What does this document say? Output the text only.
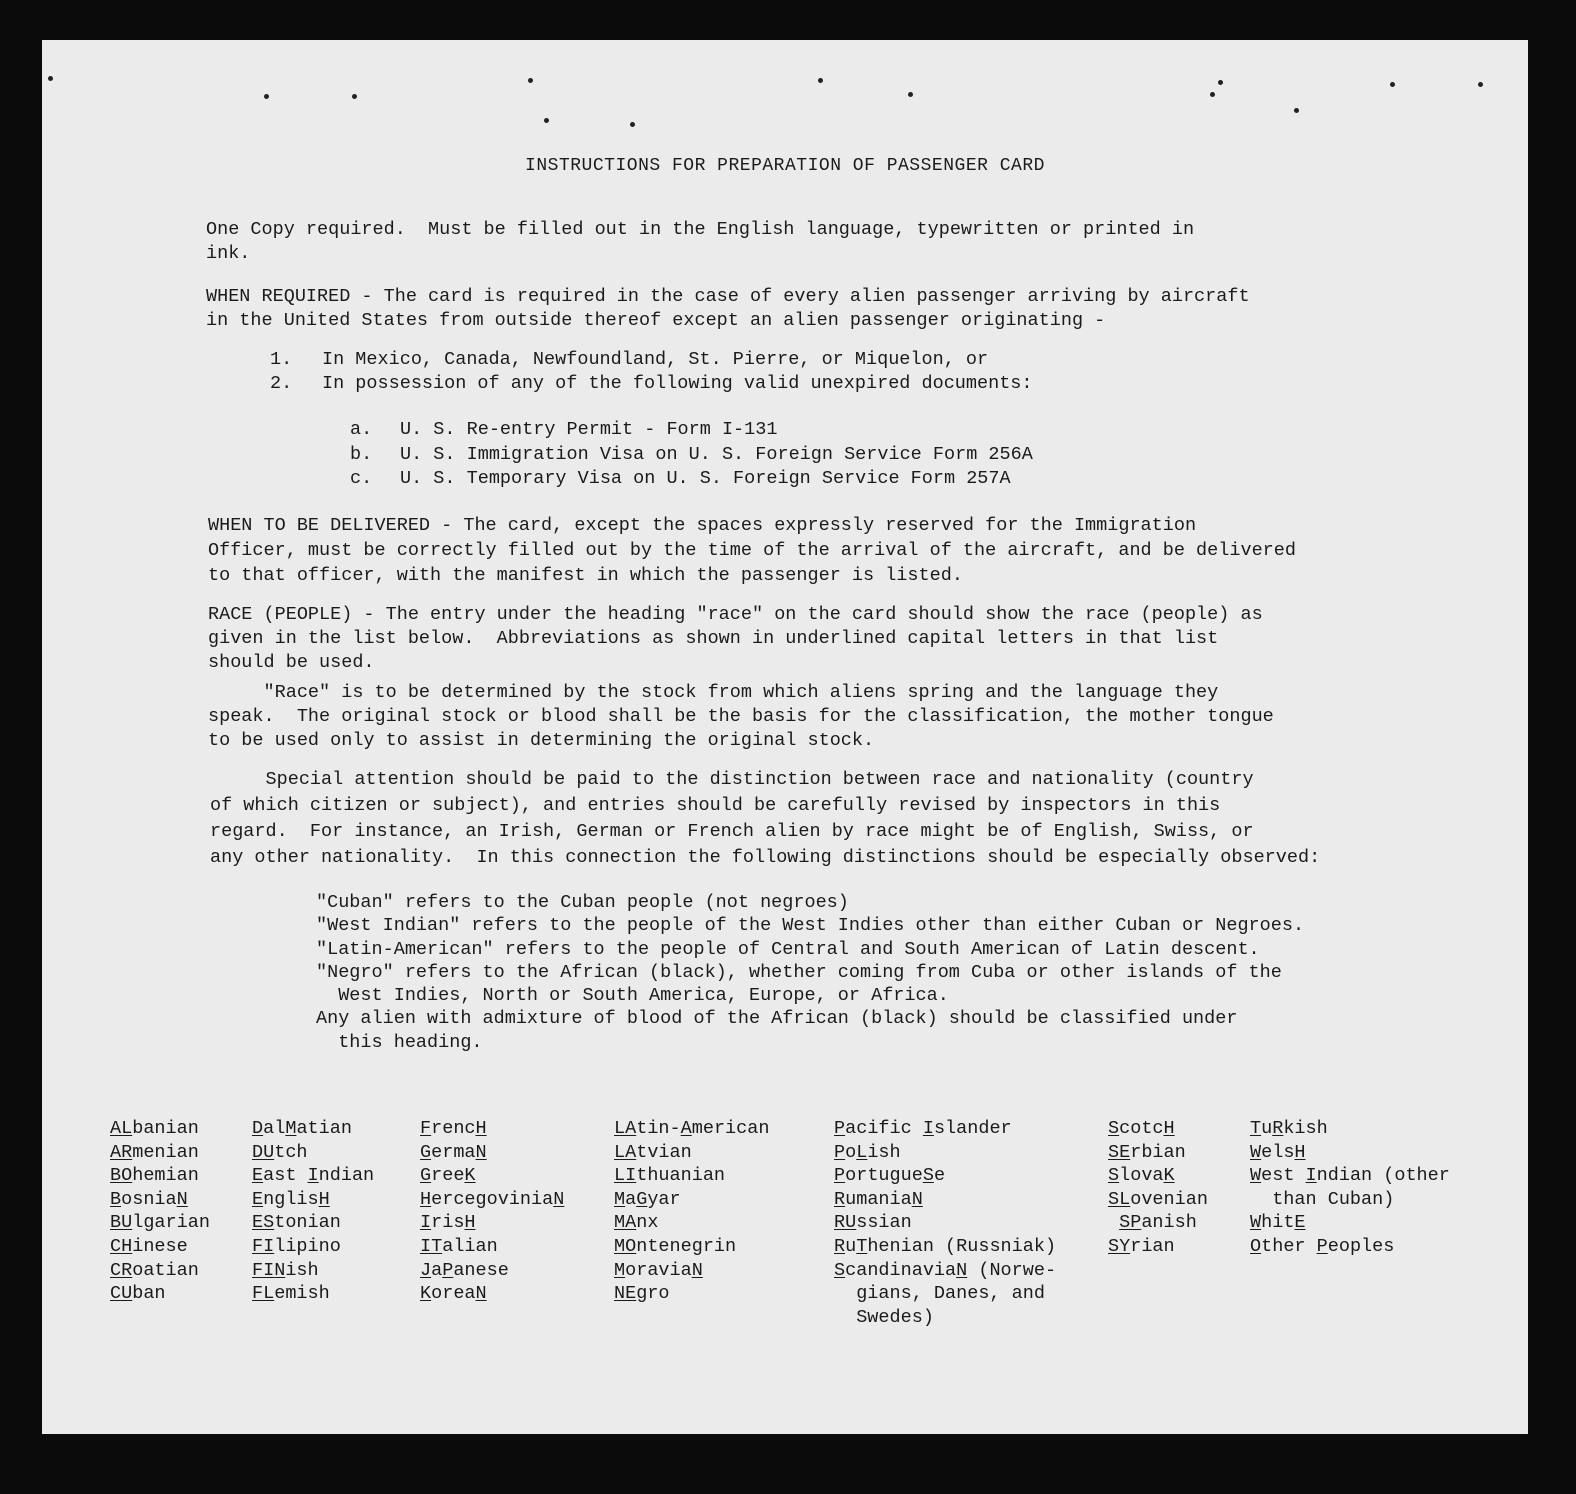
INSTRUCTIONS FOR PREPARATION OF PASSENGER CARD
One Copy required.  Must be filled out in the English language, typewritten or printed in
ink.
WHEN REQUIRED - The card is required in the case of every alien passenger arriving by aircraft
in the United States from outside thereof except an alien passenger originating -
1. In Mexico, Canada, Newfoundland, St. Pierre, or Miquelon, or
2. In possession of any of the following valid unexpired documents:
a. U. S. Re-entry Permit - Form I-131
b. U. S. Immigration Visa on U. S. Foreign Service Form 256A
c. U. S. Temporary Visa on U. S. Foreign Service Form 257A
WHEN TO BE DELIVERED - The card, except the spaces expressly reserved for the Immigration
Officer, must be correctly filled out by the time of the arrival of the aircraft, and be delivered
to that officer, with the manifest in which the passenger is listed.
RACE (PEOPLE) - The entry under the heading "race" on the card should show the race (people) as
given in the list below.  Abbreviations as shown in underlined capital letters in that list
should be used.
"Race" is to be determined by the stock from which aliens spring and the language they
speak.  The original stock or blood shall be the basis for the classification, the mother tongue
to be used only to assist in determining the original stock.
Special attention should be paid to the distinction between race and nationality (country
of which citizen or subject), and entries should be carefully revised by inspectors in this
regard.  For instance, an Irish, German or French alien by race might be of English, Swiss, or
any other nationality.  In this connection the following distinctions should be especially observed:
"Cuban" refers to the Cuban people (not negroes)
"West Indian" refers to the people of the West Indies other than either Cuban or Negroes.
"Latin-American" refers to the people of Central and South American of Latin descent.
"Negro" refers to the African (black), whether coming from Cuba or other islands of the
West Indies, North or South America, Europe, or Africa.
Any alien with admixture of blood of the African (black) should be classified under
this heading.
ALbanian
ARmenian
BOhemian
BosniaN
BUlgarian
CHinese
CRoatian
CUban
DalMatian
DUtch
East Indian
EnglisH
EStonian
FIlipino
FINish
FLemish
FrencH
GermaN
GreeK
HercegoviniaN
IrisH
ITalian
JaPanese
KoreaN
LAtin-American
LAtvian
LIthuanian
MaGyar
MAnx
MOntenegrin
MoraviaN
NEgro
Pacific Islander
PoLish
PortugueSe
RumaniaN
RUssian
RuThenian (Russniak)
ScandinaviaN (Norwe-
gians, Danes, and
Swedes)
ScotcH
SErbian
SlovaK
SLovenian
SPanish
SYrian
TuRkish
WelsH
West Indian (other
than Cuban)
WhitE
Other Peoples
